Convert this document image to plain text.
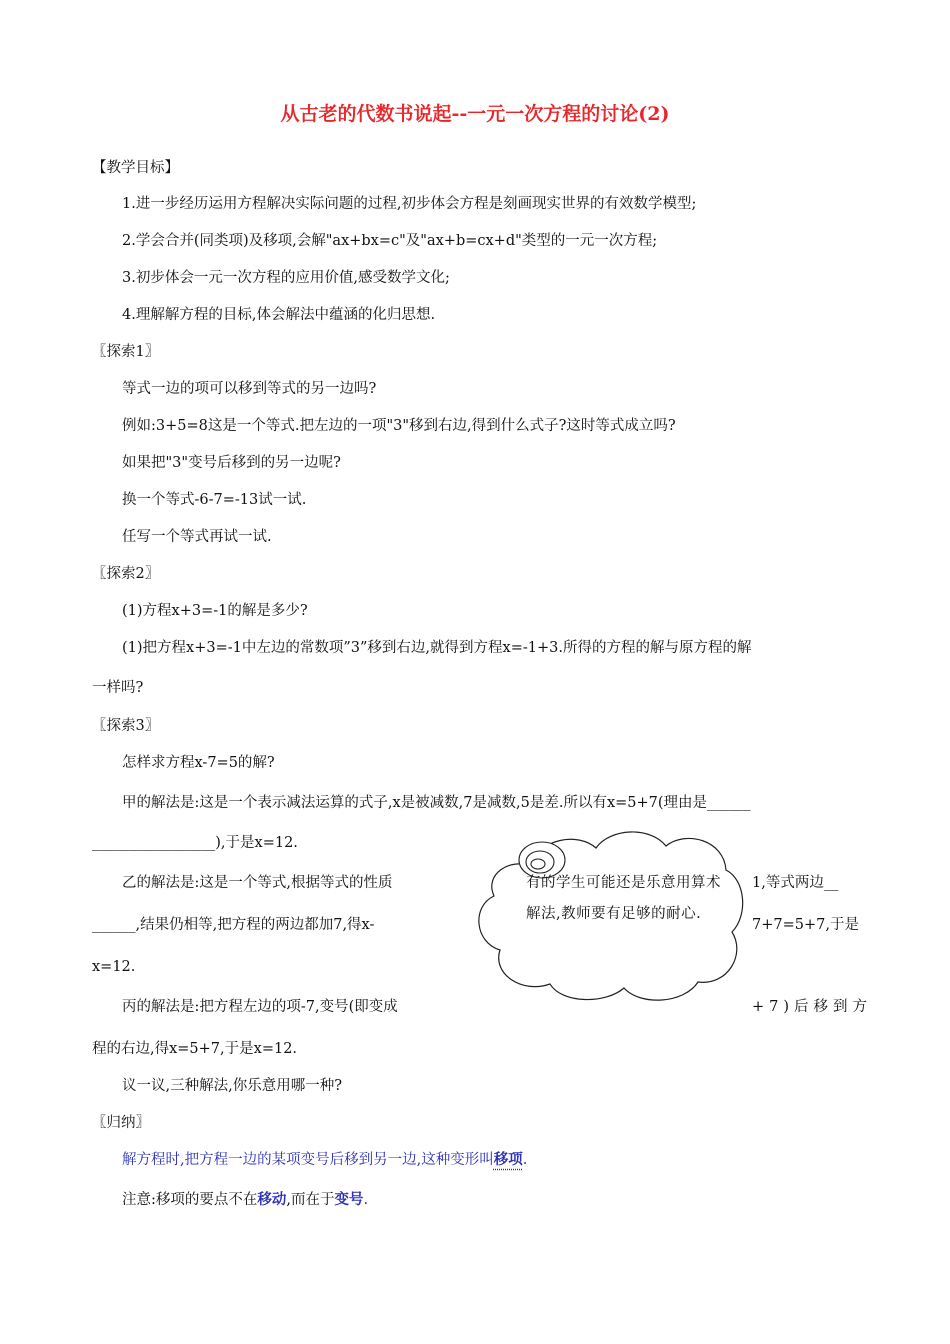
从古老的代数书说起--一元一次方程的讨论(2)
【教学目标】
1.进一步经历运用方程解决实际问题的过程,初步体会方程是刻画现实世界的有效数学模型;
2.学会合并(同类项)及移项,会解"ax+bx=c"及"ax+b=cx+d"类型的一元一次方程;
3.初步体会一元一次方程的应用价值,感受数学文化;
4.理解解方程的目标,体会解法中蕴涵的化归思想.
〖探索1〗
等式一边的项可以移到等式的另一边吗?
例如:3+5=8这是一个等式.把左边的一项"3"移到右边,得到什么式子?这时等式成立吗?
如果把"3"变号后移到的另一边呢?
换一个等式-6-7=-13试一试.
任写一个等式再试一试.
〖探索2〗
(1)方程x+3=-1的解是多少?
(1)把方程x+3=-1中左边的常数项”3”移到右边,就得到方程x=-1+3.所得的方程的解与原方程的解
一样吗?
〖探索3〗
怎样求方程x-7=5的解?
甲的解法是:这是一个表示减法运算的式子,x是被减数,7是减数,5是差.所以有x=5+7(理由是______
_________________),于是x=12.
乙的解法是:这是一个等式,根据等式的性质	1,等式两边__
______,结果仍相等,把方程的两边都加7,得x-	7+7=5+7,于是
x=12.
丙的解法是:把方程左边的项-7,变号(即变成	+7)后移到方
程的右边,得x=5+7,于是x=12.
议一议,三种解法,你乐意用哪一种?
有的学生可能还是乐意用算术解法,教师要有足够的耐心.
〖归纳〗
解方程时,把方程一边的某项变号后移到另一边,这种变形叫移项.
注意:移项的要点不在移动,而在于变号.
